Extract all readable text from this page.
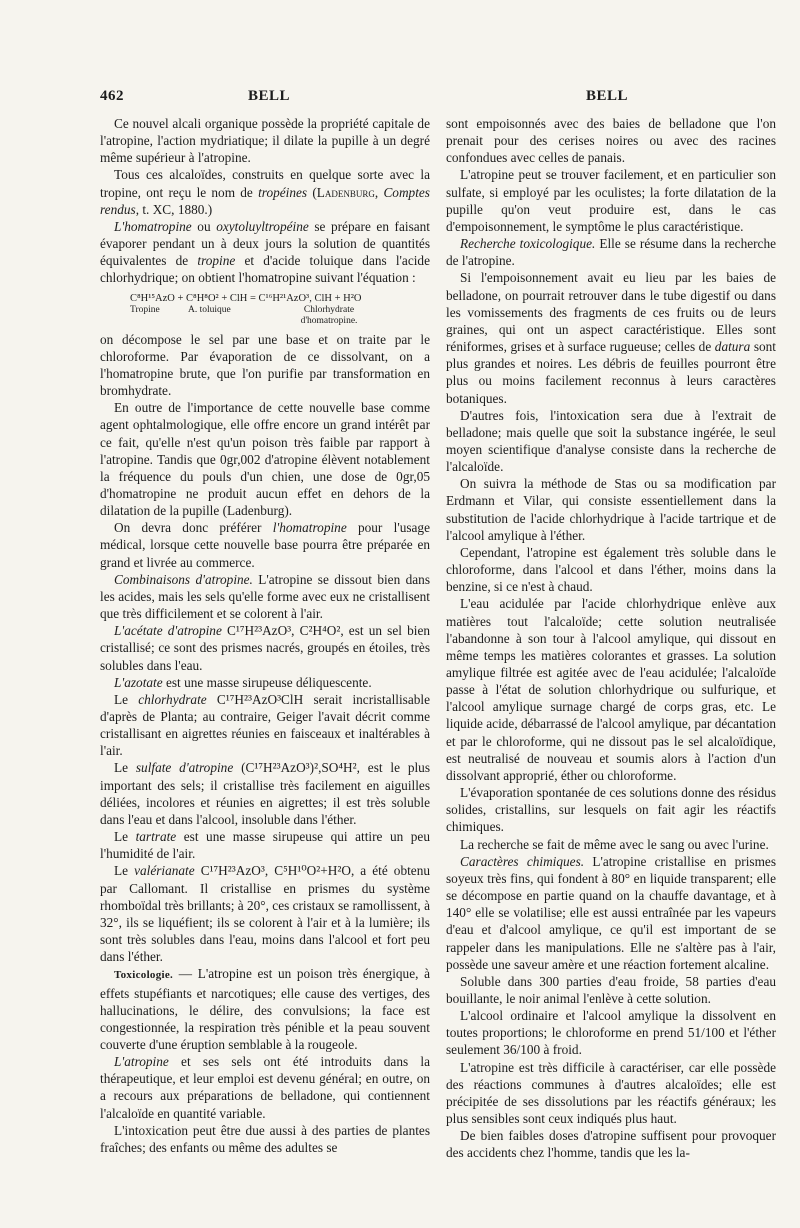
462	BELL	BELL

Ce nouvel alcali organique possède la propriété capitale de l'atropine, l'action mydriatique; il dilate la pupille à un degré même supérieur à l'atropine.

Tous ces alcaloïdes, construits en quelque sorte avec la tropine, ont reçu le nom de tropéines (Ladenburg, Comptes rendus, t. XC, 1880.)

L'homatropine ou oxytoluyltropéine se prépare en faisant évaporer pendant un à deux jours la solution de quantités équivalentes de tropine et d'acide toluique dans l'acide chlorhydrique; on obtient l'homatropine suivant l'équation :

C⁸H¹⁵AzO + C⁸H⁸O² + ClH = C¹⁶H²¹AzO³, ClH + H²O
Tropine	A. toluique	Chlorhydrate
d'homatropine.

on décompose le sel par une base et on traite par le chloroforme. Par évaporation de ce dissolvant, on a l'homatropine brute, que l'on purifie par transformation en bromhydrate.

En outre de l'importance de cette nouvelle base comme agent ophtalmologique, elle offre encore un grand intérêt par ce fait, qu'elle n'est qu'un poison très faible par rapport à l'atropine. Tandis que 0gr,002 d'atropine élèvent notablement la fréquence du pouls d'un chien, une dose de 0gr,05 d'homatropine ne produit aucun effet en dehors de la dilatation de la pupille (Ladenburg).

On devra donc préférer l'homatropine pour l'usage médical, lorsque cette nouvelle base pourra être préparée en grand et livrée au commerce.

Combinaisons d'atropine. L'atropine se dissout bien dans les acides, mais les sels qu'elle forme avec eux ne cristallisent que très difficilement et se colorent à l'air.

L'acétate d'atropine C¹⁷H²³AzO³, C²H⁴O², est un sel bien cristallisé; ce sont des prismes nacrés, groupés en étoiles, très solubles dans l'eau.

L'azotate est une masse sirupeuse déliquescente.

Le chlorhydrate C¹⁷H²³AzO³ClH serait incristallisable d'après de Planta; au contraire, Geiger l'avait décrit comme cristallisant en aigrettes réunies en faisceaux et inaltérables à l'air.

Le sulfate d'atropine (C¹⁷H²³AzO³)²,SO⁴H², est le plus important des sels; il cristallise très facilement en aiguilles déliées, incolores et réunies en aigrettes; il est très soluble dans l'eau et dans l'alcool, insoluble dans l'éther.

Le tartrate est une masse sirupeuse qui attire un peu l'humidité de l'air.

Le valérianate C¹⁷H²³AzO³, C⁵H¹⁰O²+H²O, a été obtenu par Callomant. Il cristallise en prismes du système rhomboïdal très brillants; à 20°, ces cristaux se ramollissent, à 32°, ils se liquéfient; ils se colorent à l'air et à la lumière; ils sont très solubles dans l'eau, moins dans l'alcool et fort peu dans l'éther.

Toxicologie. — L'atropine est un poison très énergique, à effets stupéfiants et narcotiques; elle cause des vertiges, des hallucinations, le délire, des convulsions; la face est congestionnée, la respiration très pénible et la peau souvent couverte d'une éruption semblable à la rougeole.

L'atropine et ses sels ont été introduits dans la thérapeutique, et leur emploi est devenu général; en outre, on a recours aux préparations de belladone, qui contiennent l'alcaloïde en quantité variable.

L'intoxication peut être due aussi à des parties de plantes fraîches; des enfants ou même des adultes se

sont empoisonnés avec des baies de belladone que l'on prenait pour des cerises noires ou avec des racines confondues avec celles de panais.

L'atropine peut se trouver facilement, et en particulier son sulfate, si employé par les oculistes; la forte dilatation de la pupille qu'on veut produire est, dans le cas d'empoisonnement, le symptôme le plus caractéristique.

Recherche toxicologique. Elle se résume dans la recherche de l'atropine.

Si l'empoisonnement avait eu lieu par les baies de belladone, on pourrait retrouver dans le tube digestif ou dans les vomissements des fragments de ces fruits ou de leurs graines, qui ont un aspect caractéristique. Elles sont réniformes, grises et à surface rugueuse; celles de datura sont plus grandes et noires. Les débris de feuilles pourront être plus ou moins facilement reconnus à leurs caractères botaniques.

D'autres fois, l'intoxication sera due à l'extrait de belladone; mais quelle que soit la substance ingérée, le seul moyen scientifique d'analyse consiste dans la recherche de l'alcaloïde.

On suivra la méthode de Stas ou sa modification par Erdmann et Vilar, qui consiste essentiellement dans la substitution de l'acide chlorhydrique à l'acide tartrique et de l'alcool amylique à l'éther.

Cependant, l'atropine est également très soluble dans le chloroforme, dans l'alcool et dans l'éther, moins dans la benzine, si ce n'est à chaud.

L'eau acidulée par l'acide chlorhydrique enlève aux matières tout l'alcaloïde; cette solution neutralisée l'abandonne à son tour à l'alcool amylique, qui dissout en même temps les matières colorantes et grasses. La solution amylique filtrée est agitée avec de l'eau acidulée; l'alcaloïde passe à l'état de solution chlorhydrique ou sulfurique, et l'alcool amylique surnage chargé de corps gras, etc. Le liquide acide, débarrassé de l'alcool amylique, par décantation et par le chloroforme, qui ne dissout pas le sel alcaloïdique, est neutralisé de nouveau et soumis alors à l'action d'un dissolvant approprié, éther ou chloroforme.

L'évaporation spontanée de ces solutions donne des résidus solides, cristallins, sur lesquels on fait agir les réactifs chimiques.

La recherche se fait de même avec le sang ou avec l'urine.

Caractères chimiques. L'atropine cristallise en prismes soyeux très fins, qui fondent à 80° en liquide transparent; elle se décompose en partie quand on la chauffe davantage, et à 140° elle se volatilise; elle est aussi entraînée par les vapeurs d'eau et d'alcool amylique, ce qu'il est important de se rappeler dans les manipulations. Elle ne s'altère pas à l'air, possède une saveur amère et une réaction fortement alcaline.

Soluble dans 300 parties d'eau froide, 58 parties d'eau bouillante, le noir animal l'enlève à cette solution.

L'alcool ordinaire et l'alcool amylique la dissolvent en toutes proportions; le chloroforme en prend 51/100 et l'éther seulement 36/100 à froid.

L'atropine est très difficile à caractériser, car elle possède des réactions communes à d'autres alcaloïdes; elle est précipitée de ses dissolutions par les réactifs généraux; les plus sensibles sont ceux indiqués plus haut.

De bien faibles doses d'atropine suffisent pour provoquer des accidents chez l'homme, tandis que les la-
